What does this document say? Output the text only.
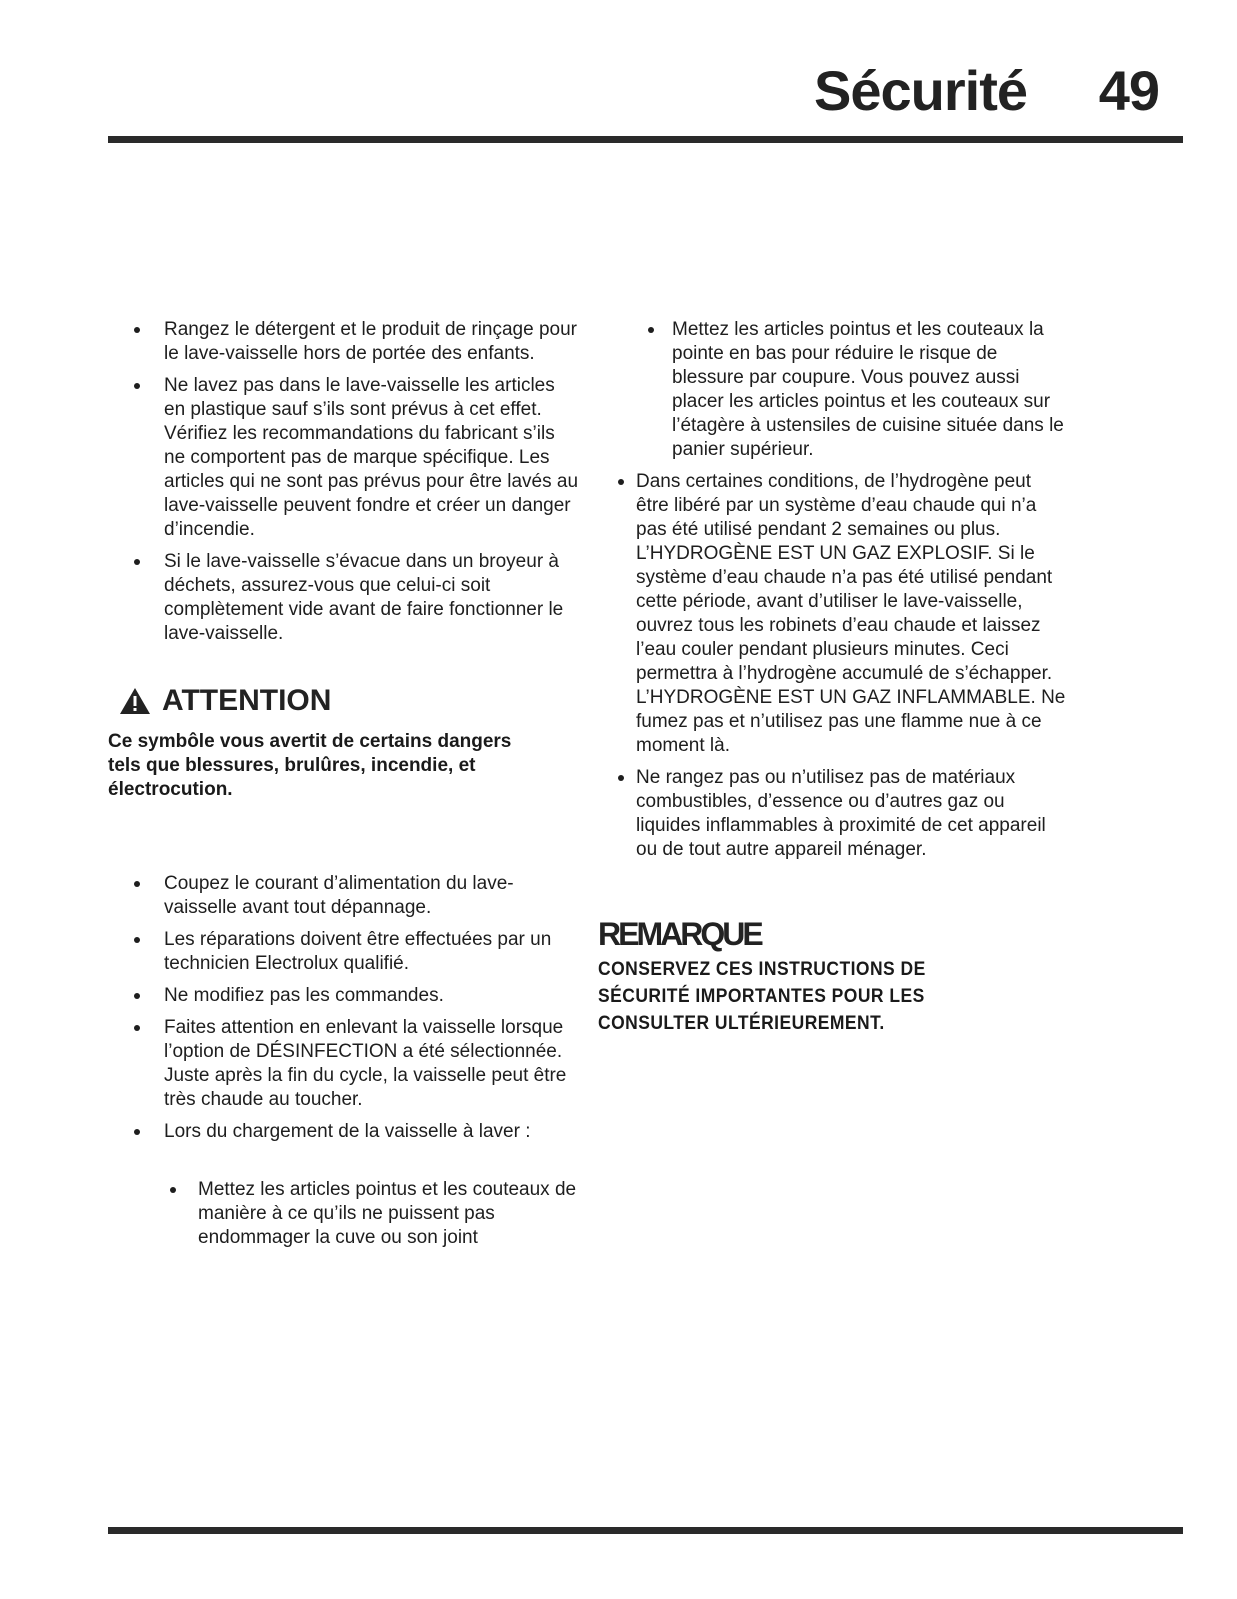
Sécurité 49
Rangez le détergent et le produit de rinçage pour le lave-vaisselle hors de portée des enfants.
Ne lavez pas dans le lave-vaisselle les articles en plastique sauf s’ils sont prévus à cet effet. Vérifiez les recommandations du fabricant s’ils ne comportent pas de marque spécifique. Les articles qui ne sont pas prévus pour être lavés au lave-vaisselle peuvent fondre et créer un danger d’incendie.
Si le lave-vaisselle s’évacue dans un broyeur à déchets, assurez-vous que celui-ci soit complètement vide avant de faire fonctionner le lave-vaisselle.
ATTENTION
Ce symbôle vous avertit de certains dangers tels que blessures, brulûres, incendie, et électrocution.
Coupez le courant d’alimentation du lave-vaisselle avant tout dépannage.
Les réparations doivent être effectuées par un technicien Electrolux qualifié.
Ne modifiez pas les commandes.
Faites attention en enlevant la vaisselle lorsque l’option de DÉSINFECTION a été sélectionnée. Juste après la fin du cycle, la vaisselle peut être très chaude au toucher.
Lors du chargement de la vaisselle à laver :
Mettez les articles pointus et les couteaux de manière à ce qu’ils ne puissent pas endommager la cuve ou son joint
Mettez les articles pointus et les couteaux la pointe en bas pour réduire le risque de blessure par coupure. Vous pouvez aussi placer les articles pointus et les couteaux sur l’étagère à ustensiles de cuisine située dans le panier supérieur.
Dans certaines conditions, de l’hydrogène peut être libéré par un système d’eau chaude qui n’a pas été utilisé pendant 2 semaines ou plus. L’HYDROGÈNE EST UN GAZ EXPLOSIF. Si le système d’eau chaude n’a pas été utilisé pendant cette période, avant d’utiliser le lave-vaisselle, ouvrez tous les robinets d’eau chaude et laissez l’eau couler pendant plusieurs minutes. Ceci permettra à l’hydrogène accumulé de s’échapper. L’HYDROGÈNE EST UN GAZ INFLAMMABLE. Ne fumez pas et n’utilisez pas une flamme nue à ce moment là.
Ne rangez pas ou n’utilisez pas de matériaux combustibles, d’essence ou d’autres gaz ou liquides inflammables à proximité de cet appareil ou de tout autre appareil ménager.
REMARQUE
CONSERVEZ CES INSTRUCTIONS DE SÉCURITÉ IMPORTANTES POUR LES CONSULTER ULTÉRIEUREMENT.
